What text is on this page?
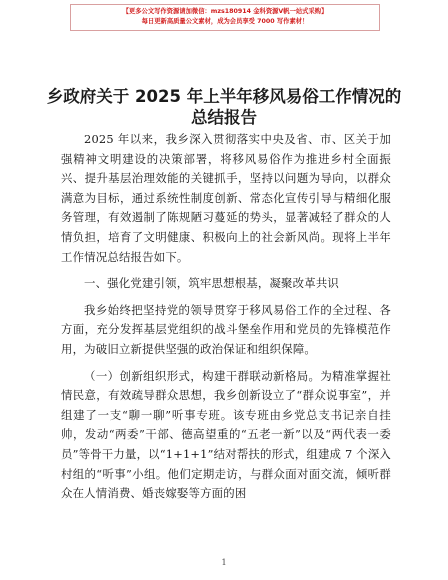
【更多公文写作资源请加微信：mzs180914 金科资源V帆一站式采购】
每日更新高质量公文素材，成为会员享受 7000 写作素材！
乡政府关于 2025 年上半年移风易俗工作情况的
总结报告

2025 年以来，我乡深入贯彻落实中央及省、市、区关于加强精神文明建设的决策部署，将移风易俗作为推进乡村全面振兴、提升基层治理效能的关键抓手，坚持以问题为导向，以群众满意为目标，通过系统性制度创新、常态化宣传引导与精细化服务管理，有效遏制了陈规陋习蔓延的势头，显著减轻了群众的人情负担，培育了文明健康、积极向上的社会新风尚。现将上半年工作情况总结报告如下。

一、强化党建引领，筑牢思想根基，凝聚改革共识

我乡始终把坚持党的领导贯穿于移风易俗工作的全过程、各方面，充分发挥基层党组织的战斗堡垒作用和党员的先锋模范作用，为破旧立新提供坚强的政治保证和组织保障。

（一）创新组织形式，构建干群联动新格局。为精准掌握社情民意，有效疏导群众思想，我乡创新设立了“群众说事室”，并组建了一支“聊一聊”听事专班。该专班由乡党总支书记亲自挂帅，发动“两委”干部、德高望重的“五老一新”以及“两代表一委员”等骨干力量，以“1+1+1”结对帮扶的形式，组建成 7 个深入村组的“听事”小组。他们定期走访，与群众面对面交流，倾听群众在人情消费、婚丧嫁娶等方面的困

1
